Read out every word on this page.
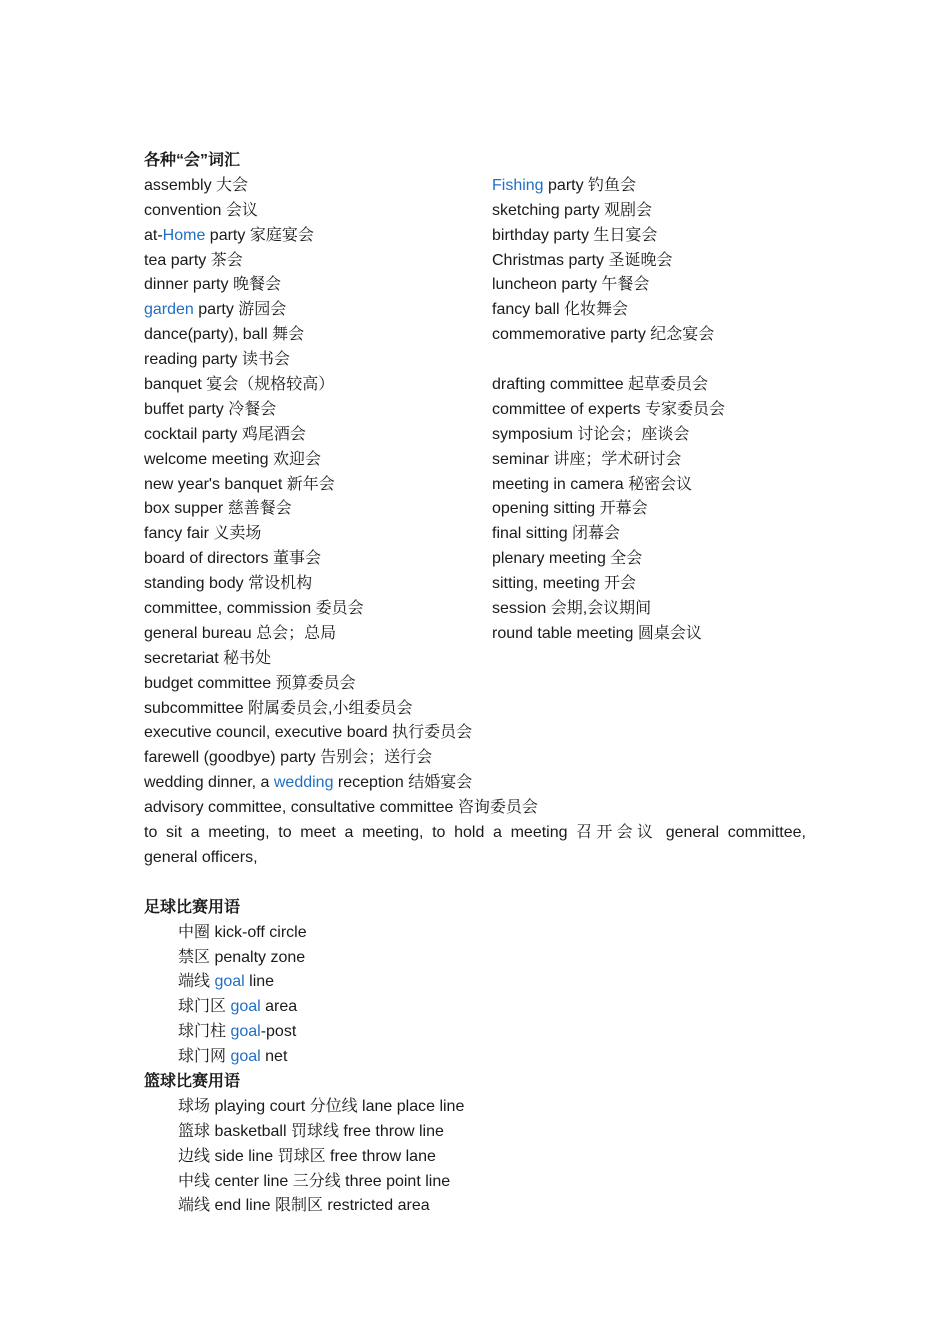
各种“会”词汇
assembly 大会
convention 会议
at-Home party 家庭宴会
tea party 茶会
dinner party 晚餐会
garden party 游园会
dance(party), ball 舞会
reading party 读书会
banquet 宴会（规格较高）
buffet party 冷餐会
cocktail party 鸡尾酒会
welcome meeting 欢迎会
new year's banquet 新年会
box supper 慈善餐会
fancy fair 义卖场
board of directors 董事会
standing body 常设机构
committee, commission 委员会
general bureau 总会；总局
Fishing party 钓鱼会
sketching party 观剧会
birthday party 生日宴会
Christmas party 圣诞晚会
luncheon party 午餐会
fancy ball 化妆舞会
commemorative party 纪念宴会
drafting committee 起草委员会
committee of experts 专家委员会
symposium 讨论会；座谈会
seminar 讲座；学术研讨会
meeting in camera 秘密会议
opening sitting 开幕会
final sitting 闭幕会
plenary meeting 全会
sitting, meeting 开会
session 会期,会议期间
round table meeting 圆桌会议
secretariat 秘书处
budget committee 预算委员会
subcommittee 附属委员会,小组委员会
executive council, executive board 执行委员会
farewell (goodbye) party 告别会；送行会
wedding dinner, a wedding reception 结婚宴会
advisory committee, consultative committee 咨询委员会
to sit a meeting, to meet a meeting, to hold a meeting 召开会议 general committee,
general officers,
足球比赛用语
中圈 kick-off circle
禁区 penalty zone
端线 goal line
球门区 goal area
球门柱 goal-post
球门网 goal net
篮球比赛用语
球场 playing court 分位线 lane place line
篮球 basketball 罚球线 free throw line
边线 side line 罚球区 free throw lane
中线 center line 三分线 three point line
端线 end line 限制区 restricted area
